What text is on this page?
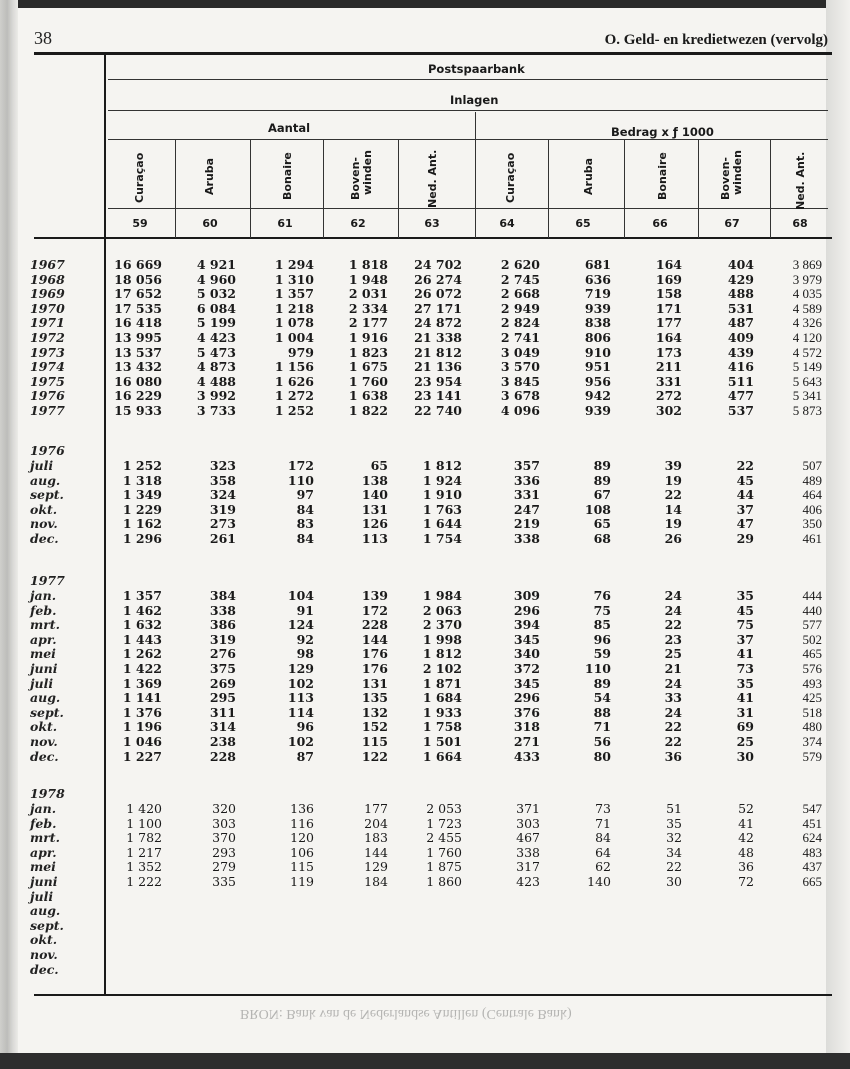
38	O. Geld- en kredietwezen (vervolg)
Postspaarbank
Inlagen
Aantal	Bedrag x ƒ 1000
Curaçao	Aruba	Bonaire	Boven- winden	Ned. Ant.	Curaçao	Aruba	Bonaire	Boven- winden	Ned. Ant.
59	60	61	62	63	64	65	66	67	68
1967	16 669	4 921	1 294	1 818	24 702	2 620	681	164	404	3 869
1968	18 056	4 960	1 310	1 948	26 274	2 745	636	169	429	3 979
1969	17 652	5 032	1 357	2 031	26 072	2 668	719	158	488	4 035
1970	17 535	6 084	1 218	2 334	27 171	2 949	939	171	531	4 589
1971	16 418	5 199	1 078	2 177	24 872	2 824	838	177	487	4 326
1972	13 995	4 423	1 004	1 916	21 338	2 741	806	164	409	4 120
1973	13 537	5 473	979	1 823	21 812	3 049	910	173	439	4 572
1974	13 432	4 873	1 156	1 675	21 136	3 570	951	211	416	5 149
1975	16 080	4 488	1 626	1 760	23 954	3 845	956	331	511	5 643
1976	16 229	3 992	1 272	1 638	23 141	3 678	942	272	477	5 341
1977	15 933	3 733	1 252	1 822	22 740	4 096	939	302	537	5 873
1976
juli	1 252	323	172	65	1 812	357	89	39	22	507
aug.	1 318	358	110	138	1 924	336	89	19	45	489
sept.	1 349	324	97	140	1 910	331	67	22	44	464
okt.	1 229	319	84	131	1 763	247	108	14	37	406
nov.	1 162	273	83	126	1 644	219	65	19	47	350
dec.	1 296	261	84	113	1 754	338	68	26	29	461
1977
jan.	1 357	384	104	139	1 984	309	76	24	35	444
feb.	1 462	338	91	172	2 063	296	75	24	45	440
mrt.	1 632	386	124	228	2 370	394	85	22	75	577
apr.	1 443	319	92	144	1 998	345	96	23	37	502
mei	1 262	276	98	176	1 812	340	59	25	41	465
juni	1 422	375	129	176	2 102	372	110	21	73	576
juli	1 369	269	102	131	1 871	345	89	24	35	493
aug.	1 141	295	113	135	1 684	296	54	33	41	425
sept.	1 376	311	114	132	1 933	376	88	24	31	518
okt.	1 196	314	96	152	1 758	318	71	22	69	480
nov.	1 046	238	102	115	1 501	271	56	22	25	374
dec.	1 227	228	87	122	1 664	433	80	36	30	579
1978
jan.	1 420	320	136	177	2 053	371	73	51	52	547
feb.	1 100	303	116	204	1 723	303	71	35	41	451
mrt.	1 782	370	120	183	2 455	467	84	32	42	624
apr.	1 217	293	106	144	1 760	338	64	34	48	483
mei	1 352	279	115	129	1 875	317	62	22	36	437
juni	1 222	335	119	184	1 860	423	140	30	72	665
juli
aug.
sept.
okt.
nov.
dec.
BRON: Bank van de Nederlandse Antillen (Centrale Bank)
